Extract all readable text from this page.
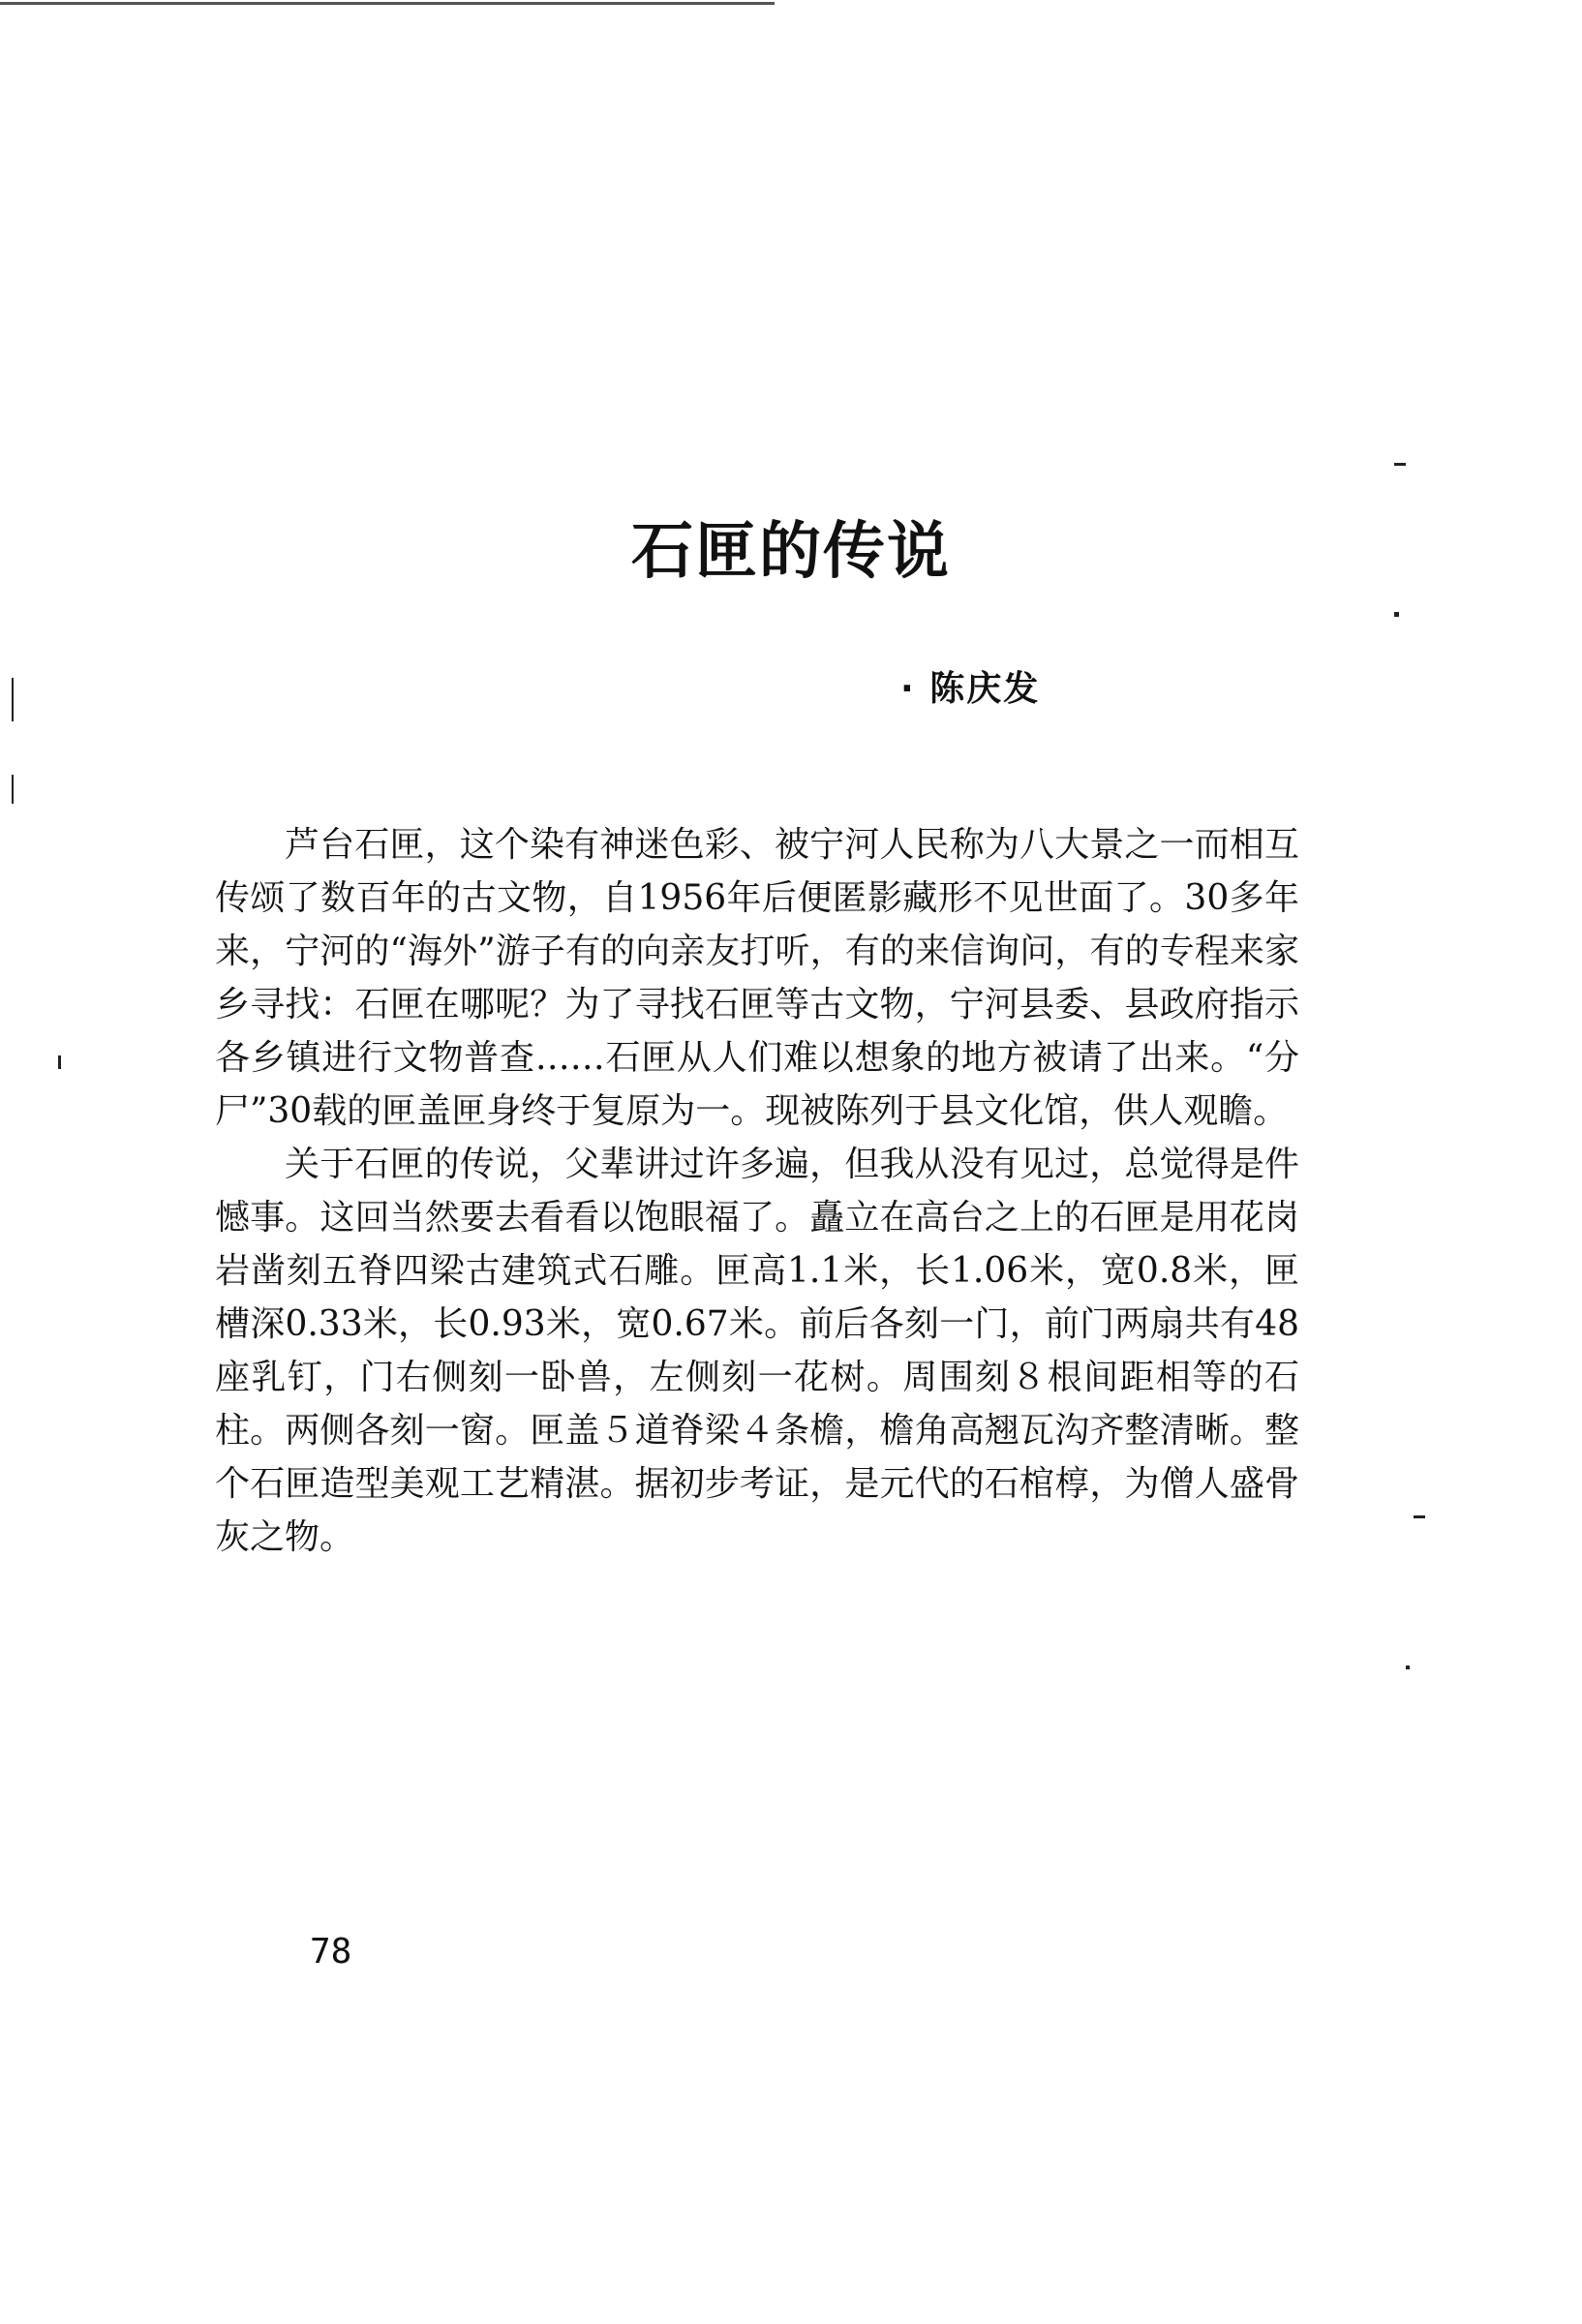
石匣的传说
· 陈庆发

芦台石匣，这个染有神迷色彩、被宁河人民称为八大景之一而相互传颂了数百年的古文物，自1956年后便匿影藏形不见世面了。30多年来，宁河的“海外”游子有的向亲友打听，有的来信询问，有的专程来家乡寻找：石匣在哪呢？为了寻找石匣等古文物，宁河县委、县政府指示各乡镇进行文物普查……石匣从人们难以想象的地方被请了出来。“分尸”30载的匣盖匣身终于复原为一。现被陈列于县文化馆，供人观瞻。

关于石匣的传说，父辈讲过许多遍，但我从没有见过，总觉得是件憾事。这回当然要去看看以饱眼福了。矗立在高台之上的石匣是用花岗岩凿刻五脊四梁古建筑式石雕。匣高1.1米，长1.06米，宽0.8米，匣槽深0.33米，长0.93米，宽0.67米。前后各刻一门，前门两扇共有48座乳钉，门右侧刻一卧兽，左侧刻一花树。周围刻８根间距相等的石柱。两侧各刻一窗。匣盖５道脊梁４条檐，檐角高翘瓦沟齐整清晰。整个石匣造型美观工艺精湛。据初步考证，是元代的石棺椁，为僧人盛骨灰之物。

78
